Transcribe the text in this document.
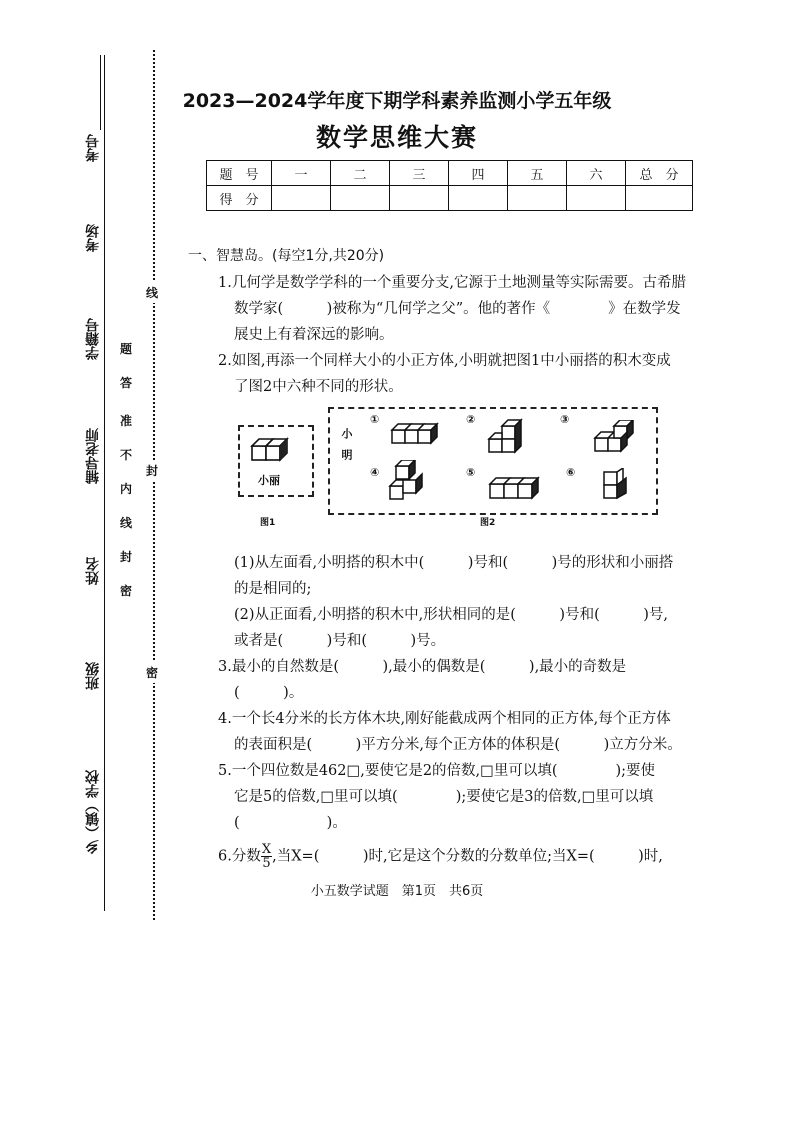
考号
考场
学籍号
辅导老师
姓名
班级
乡（镇）学校
答
题
不
准
内
线
封
密
线
封
密
2023—2024学年度下期学科素养监测小学五年级
数学思维大赛
题　号	一	二	三	四	五	六	总　分
得　分							
一、智慧岛。(每空1分,共20分)
1.几何学是数学学科的一个重要分支,它源于土地测量等实际需要。古希腊
数学家(　　　)被称为“几何学之父”。他的著作《　　　　》在数学发
展史上有着深远的影响。
2.如图,再添一个同样大小的小正方体,小明就把图1中小丽搭的积木变成
了图2中六种不同的形状。
小丽
图1
小明
图2
①	②	③
④	⑤	⑥
(1)从左面看,小明搭的积木中(　　　)号和(　　　)号的形状和小丽搭
的是相同的;
(2)从正面看,小明搭的积木中,形状相同的是(　　　)号和(　　　)号,
或者是(　　　)号和(　　　)号。
3.最小的自然数是(　　　),最小的偶数是(　　　),最小的奇数是
(　　　)。
4.一个长4分米的长方体木块,刚好能截成两个相同的正方体,每个正方体
的表面积是(　　　)平方分米,每个正方体的体积是(　　　)立方分米。
5.一个四位数是462□,要使它是2的倍数,□里可以填(　　　　);要使
它是5的倍数,□里可以填(　　　　);要使它是3的倍数,□里可以填
(　　　　　　)。
6.分数 $\frac{X}{5}$ ,当X=(　　　)时,它是这个分数的分数单位;当X=(　　　)时,
小五数学试题　第1页　共6页
